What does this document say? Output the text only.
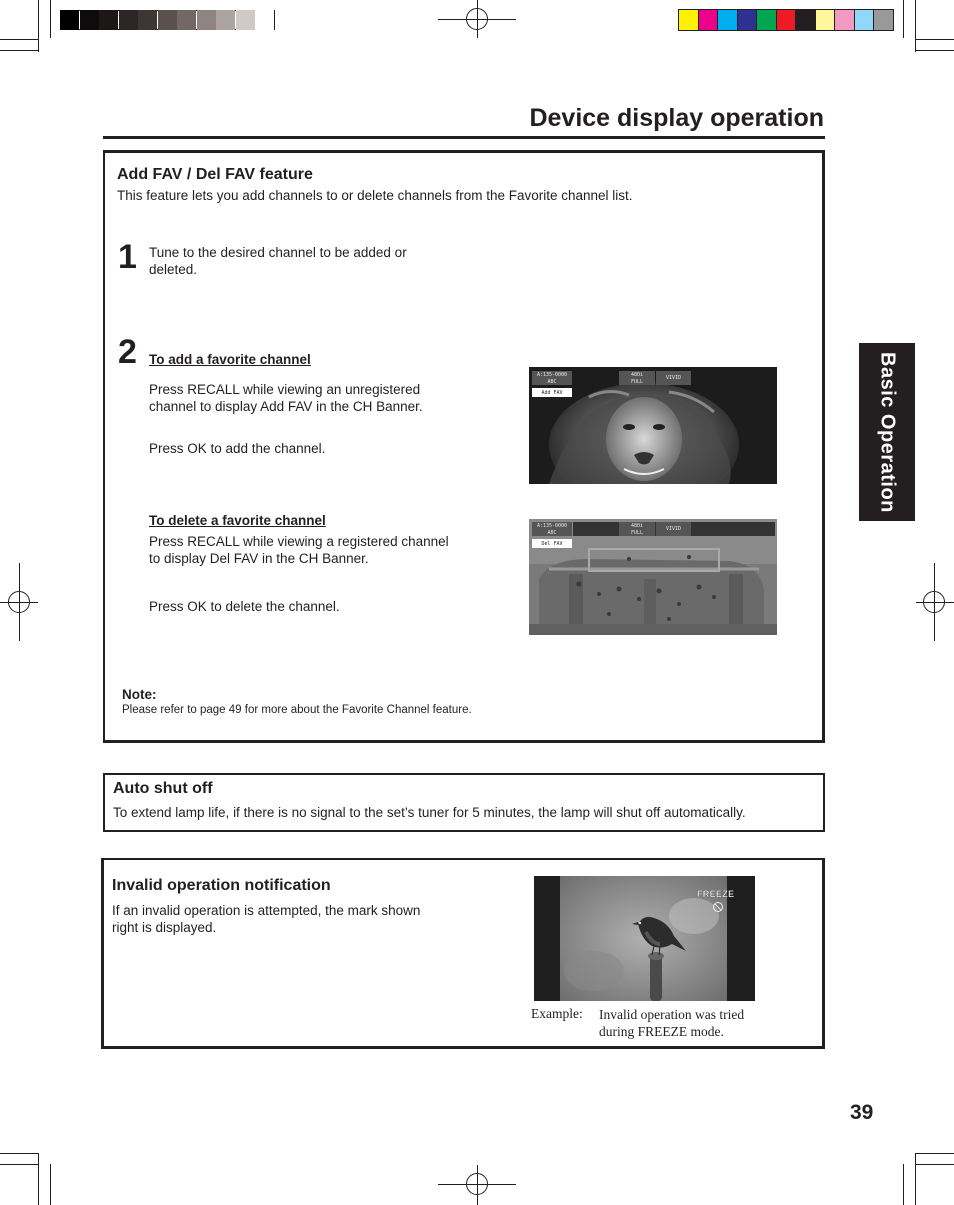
Device display operation
Basic Operation
Add FAV / Del FAV feature
This feature lets you add channels to or delete channels from the Favorite channel list.
1 Tune to the desired channel to be added or deleted.
2 To add a favorite channel
Press RECALL while viewing an unregistered channel to display Add FAV in the CH Banner.
Press OK to add the channel.
To delete a favorite channel
Press RECALL while viewing a registered channel to display Del FAV in the CH Banner.
Press OK to delete the channel.
A:135-0000
ABC
480i
FULL
VIVID
Add FAV
A:135-0000
ABC
480i
FULL
VIVID
Del FAV
Note:
Please refer to page 49 for more about the Favorite Channel feature.
Auto shut off
To extend lamp life, if there is no signal to the set’s tuner for 5 minutes, the lamp will shut off automatically.
Invalid operation notification
If an invalid operation is attempted, the mark shown right is displayed.
FREEZE
Example: Invalid operation was tried during FREEZE mode.
39
